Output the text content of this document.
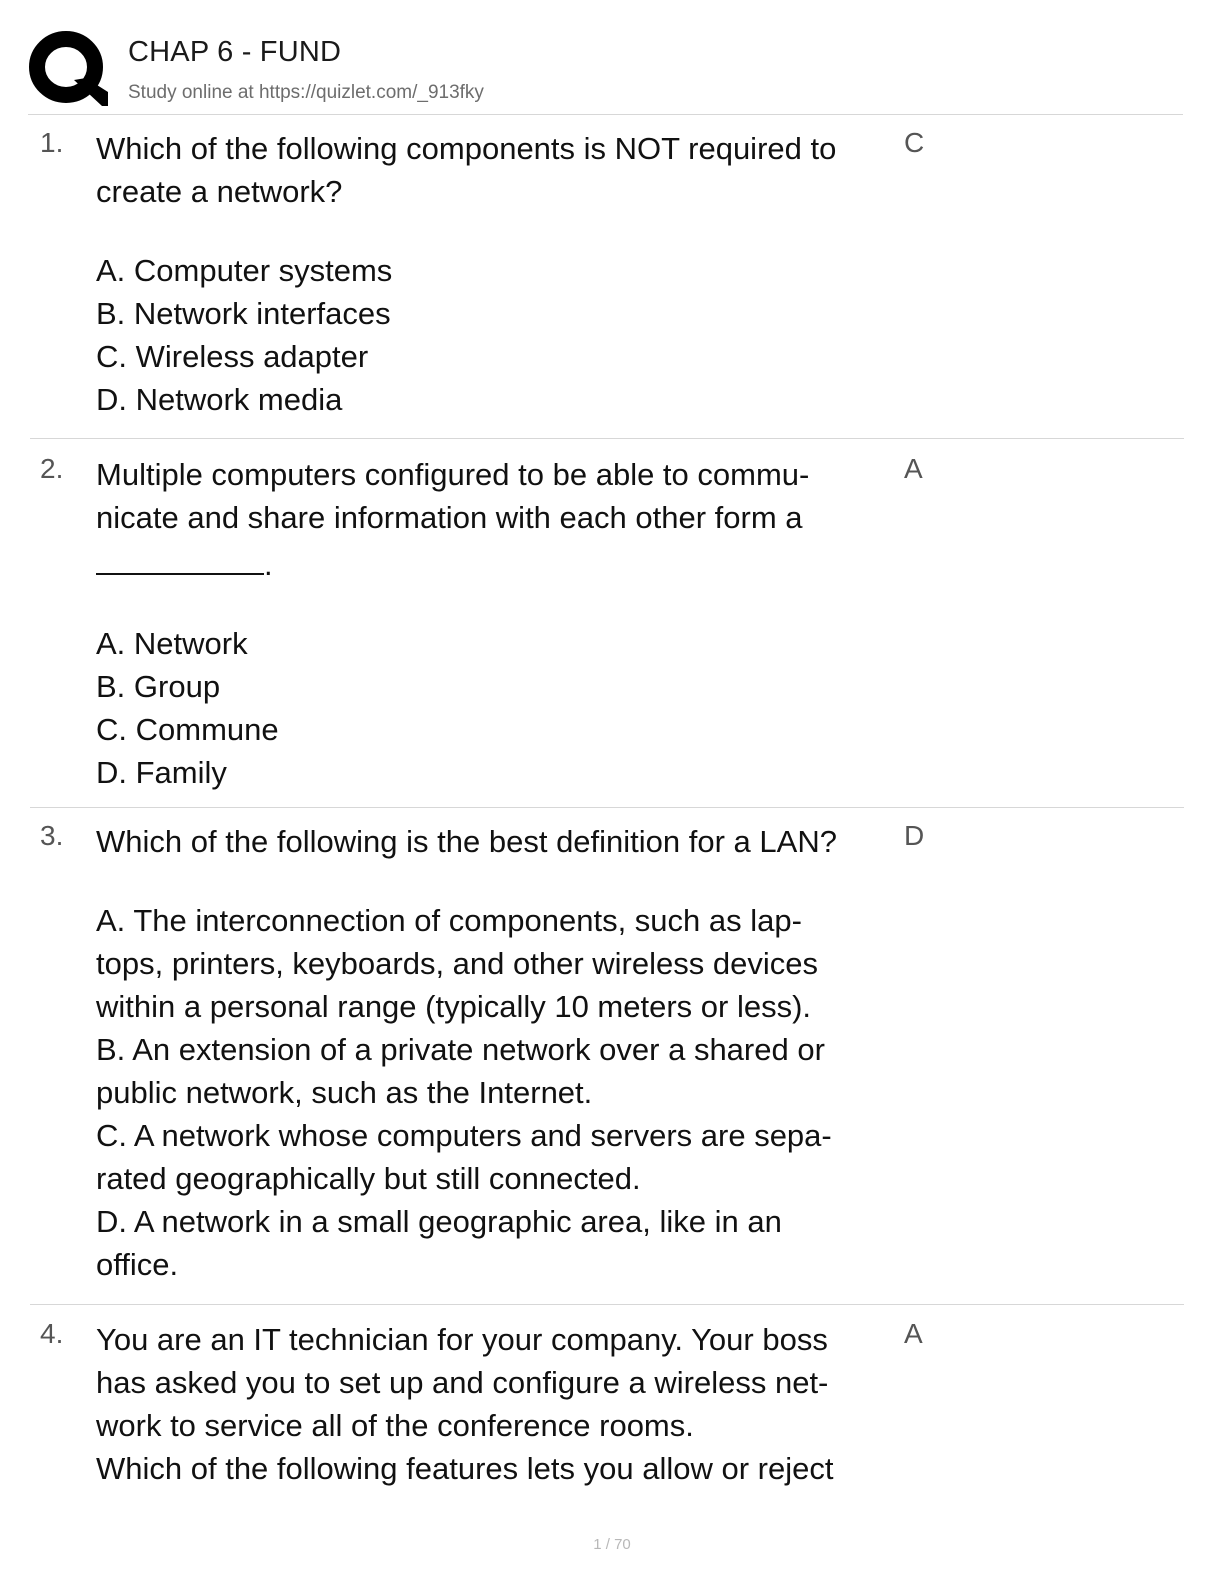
CHAP 6 - FUND
Study online at https://quizlet.com/_913fky
1. Which of the following components is NOT required to

create a network?

A. Computer systems

B. Network interfaces

C. Wireless adapter

D. Network media

C
2. Multiple computers configured to be able to commu-

nicate and share information with each other form a

.

A. Network

B. Group

C. Commune

D. Family

A
3. Which of the following is the best definition for a LAN?

A. The interconnection of components, such as lap-

tops, printers, keyboards, and other wireless devices

within a personal range (typically 10 meters or less).

B. An extension of a private network over a shared or

public network, such as the Internet.

C. A network whose computers and servers are sepa-

rated geographically but still connected.

D. A network in a small geographic area, like in an

office.

D
4. You are an IT technician for your company. Your boss

has asked you to set up and configure a wireless net-

work to service all of the conference rooms.

Which of the following features lets you allow or reject

A
1 / 70
